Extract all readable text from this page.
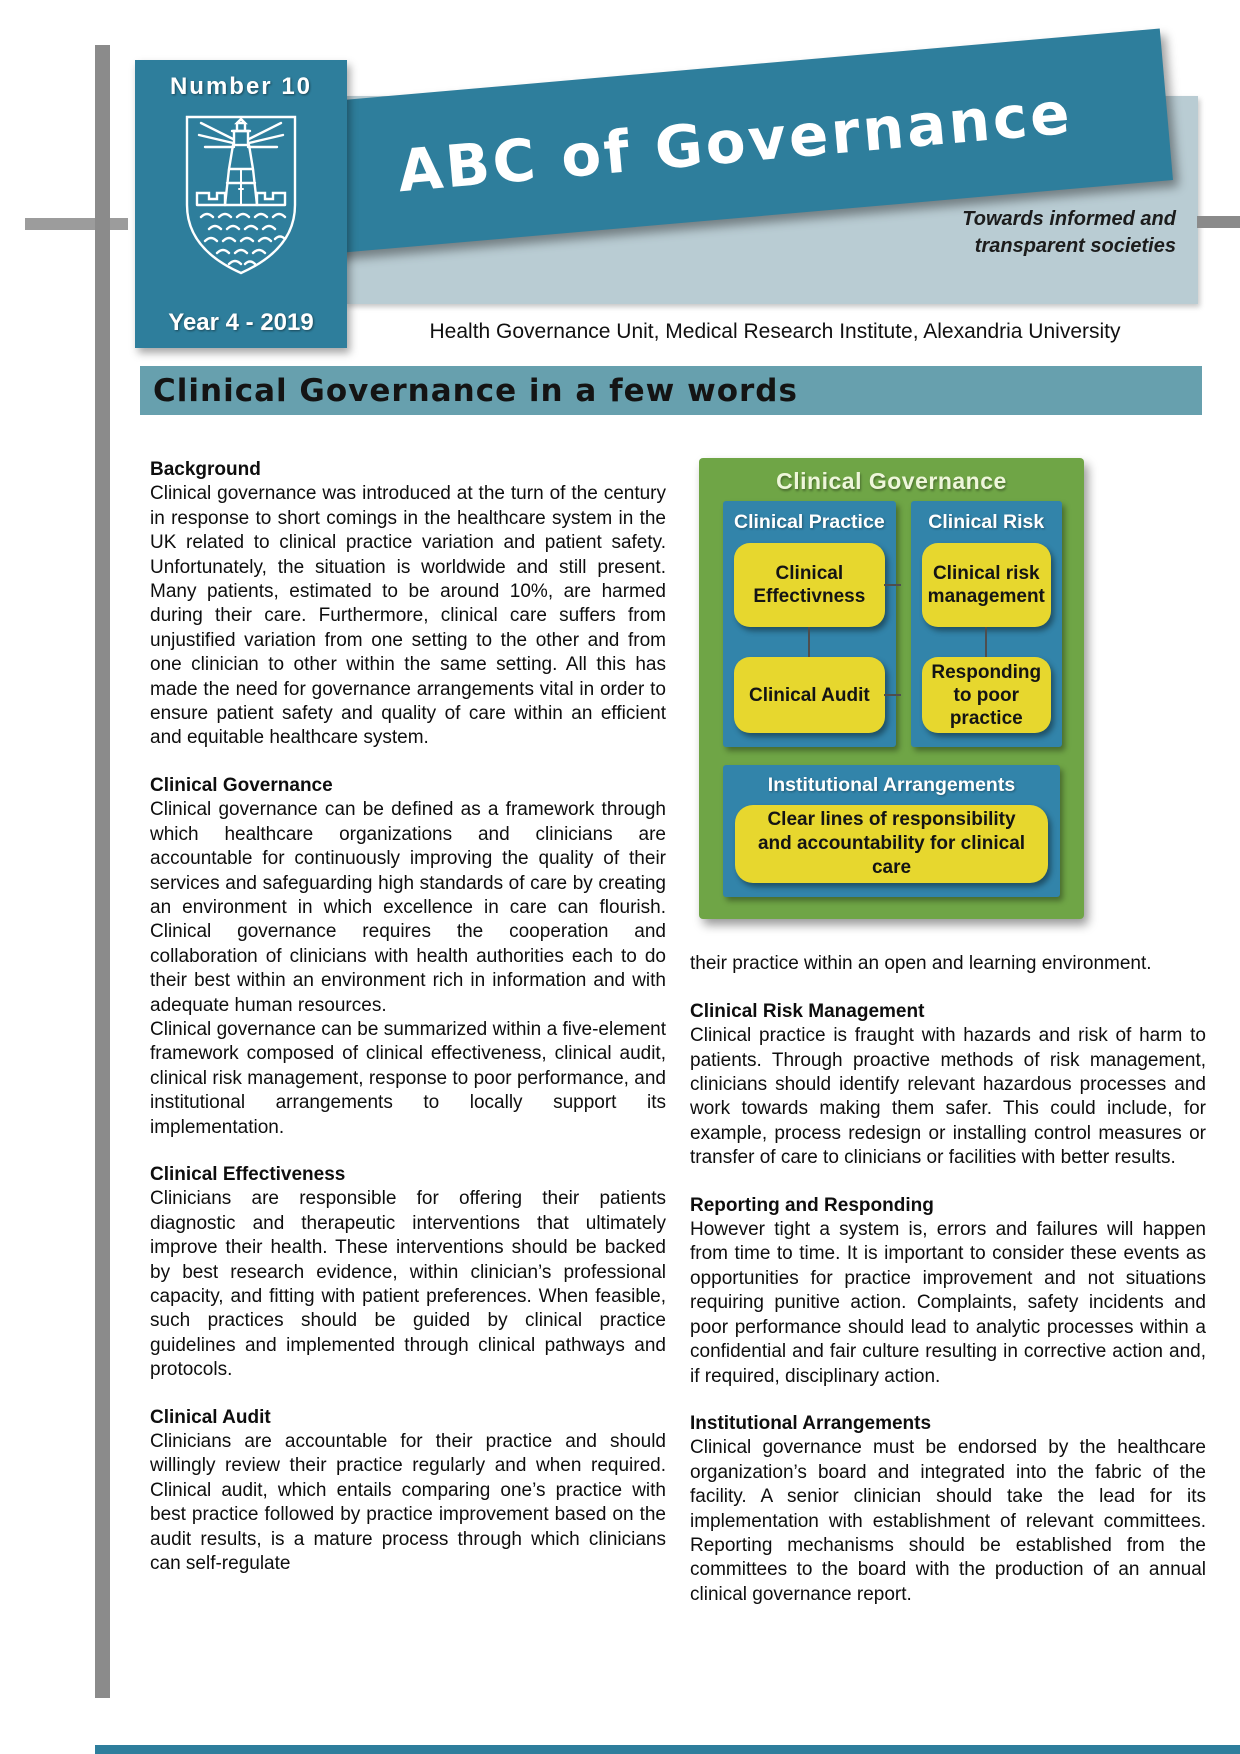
ABC of Governance
Number 10
Year 4 - 2019
Towards informed and
transparent societies
Health Governance Unit, Medical Research Institute, Alexandria University
Clinical Governance in a few words
Background

Clinical governance was introduced at the turn of the century in response to short comings in the healthcare system in the UK related to clinical practice variation and patient safety. Unfortunately, the situation is worldwide and still present. Many patients, estimated to be around 10%, are harmed during their care. Furthermore, clinical care suffers from unjustified variation from one setting to the other and from one clinician to other within the same setting. All this has made the need for governance arrangements vital in order to ensure patient safety and quality of care within an efficient and equitable healthcare system.

Clinical Governance

Clinical governance can be defined as a framework through which healthcare organizations and clinicians are accountable for continuously improving the quality of their services and safeguarding high standards of care by creating an environment in which excellence in care can flourish. Clinical governance requires the cooperation and collaboration of clinicians with health authorities each to do their best within an environment rich in information and with adequate human resources.

Clinical governance can be summarized within a five-element framework composed of clinical effectiveness, clinical audit, clinical risk management, response to poor performance, and institutional arrangements to locally support its implementation.

Clinical Effectiveness

Clinicians are responsible for offering their patients diagnostic and therapeutic interventions that ultimately improve their health. These interventions should be backed by best research evidence, within clinician’s professional capacity, and fitting with patient preferences. When feasible, such practices should be guided by clinical practice guidelines and implemented through clinical pathways and protocols.

Clinical Audit

Clinicians are accountable for their practice and should willingly review their practice regularly and when required. Clinical audit, which entails comparing one’s practice with best practice followed by practice improvement based on the audit results, is a mature process through which clinicians can self-regulate

Clinical Governance
Clinical Practice
Clinical Effectivness
Clinical Audit
Clinical Risk
Clinical risk management
Responding to poor practice
Institutional Arrangements
Clear lines of responsibility and accountability for clinical care

their practice within an open and learning environment.

Clinical Risk Management

Clinical practice is fraught with hazards and risk of harm to patients. Through proactive methods of risk management, clinicians should identify relevant hazardous processes and work towards making them safer. This could include, for example, process redesign or installing control measures or transfer of care to clinicians or facilities with better results.

Reporting and Responding

However tight a system is, errors and failures will happen from time to time. It is important to consider these events as opportunities for practice improvement and not situations requiring punitive action. Complaints, safety incidents and poor performance should lead to analytic processes within a confidential and fair culture resulting in corrective action and, if required, disciplinary action.

Institutional Arrangements

Clinical governance must be endorsed by the healthcare organization’s board and integrated into the fabric of the facility. A senior clinician should take the lead for its implementation with establishment of relevant committees. Reporting mechanisms should be established from the committees to the board with the production of an annual clinical governance report.
